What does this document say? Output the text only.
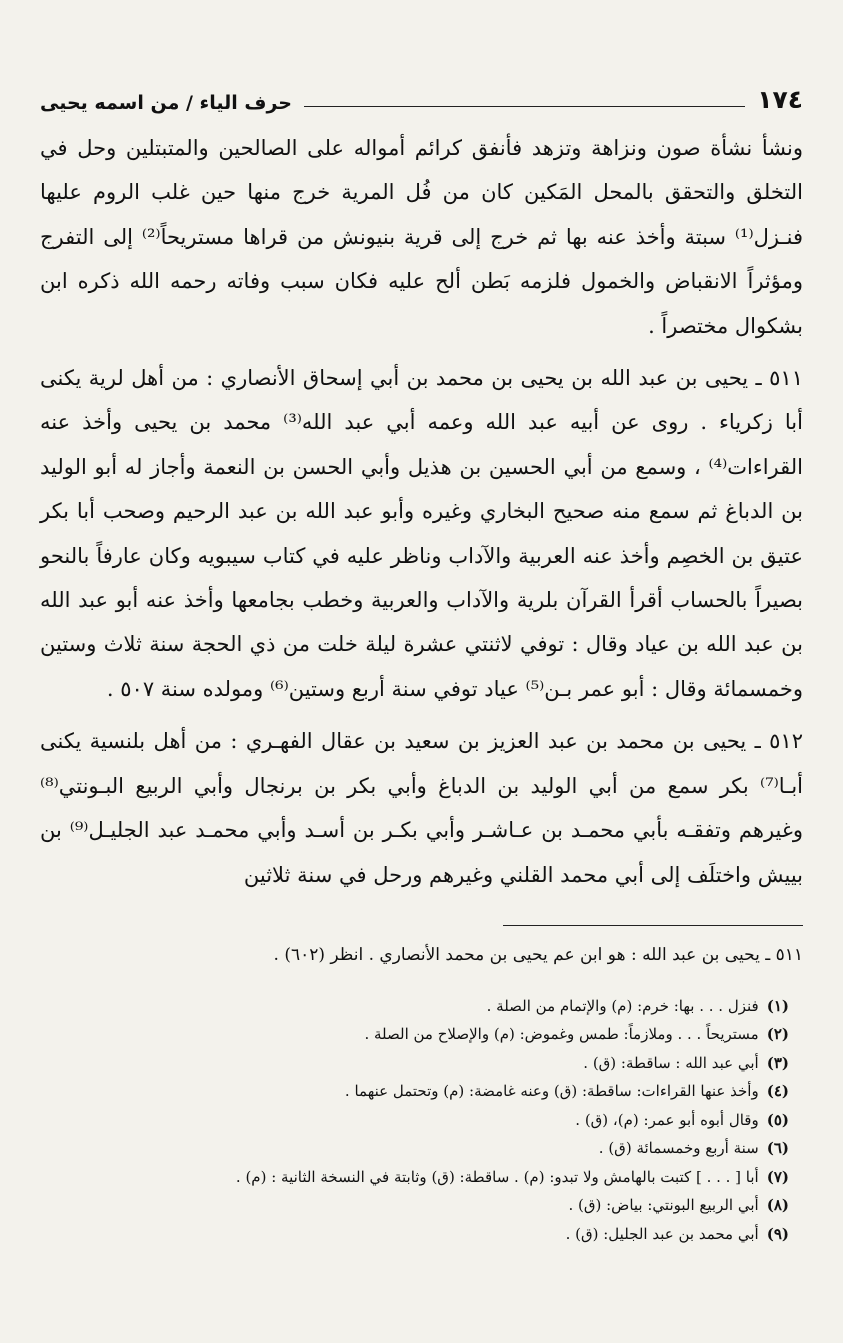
١٧٤
حرف الياء / من اسمه يحيى

ونشأ نشأة صون ونزاهة وتزهد فأنفق كرائم أمواله على الصالحين والمتبتلين وحل في التخلق والتحقق بالمحل المَكين كان من فُل المرية خرج منها حين غلب الروم عليها فنـزل⁽¹⁾ سبتة وأخذ عنه بها ثم خرج إلى قرية بنيونش من قراها مستريحاً⁽²⁾ إلى التفرج ومؤثراً الانقباض والخمول فلزمه بَطن ألح عليه فكان سبب وفاته رحمه الله ذكره ابن بشكوال مختصراً .

٥١١ ـ يحيى بن عبد الله بن يحيى بن محمد بن أبي إسحاق الأنصاري : من أهل لرية يكنى أبا زكرياء . روى عن أبيه عبد الله وعمه أبي عبد الله⁽³⁾ محمد بن يحيى وأخذ عنه القراءات⁽⁴⁾ ، وسمع من أبي الحسين بن هذيل وأبي الحسن بن النعمة وأجاز له أبو الوليد بن الدباغ ثم سمع منه صحيح البخاري وغيره وأبو عبد الله بن عبد الرحيم وصحب أبا بكر عتيق بن الخصِم وأخذ عنه العربية والآداب وناظر عليه في كتاب سيبويه وكان عارفاً بالنحو بصيراً بالحساب أقرأ القرآن بلرية والآداب والعربية وخطب بجامعها وأخذ عنه أبو عبد الله بن عبد الله بن عياد وقال : توفي لاثنتي عشرة ليلة خلت من ذي الحجة سنة ثلاث وستين وخمسمائة وقال : أبو عمر بـن⁽⁵⁾ عياد توفي سنة أربع وستين⁽⁶⁾ ومولده سنة ٥٠٧ .

٥١٢ ـ يحيى بن محمد بن عبد العزيز بن سعيد بن عقال الفهـري : من أهل بلنسية يكنى أبـا⁽⁷⁾ بكر سمع من أبي الوليد بن الدباغ وأبي بكر بن برنجال وأبي الربيع البـونتي⁽⁸⁾ وغيرهم وتفقـه بأبي محمـد بن عـاشـر وأبي بكـر بن أسـد وأبي محمـد عبد الجليـل⁽⁹⁾ بن بييش واختلَف إلى أبي محمد القلني وغيرهم ورحل في سنة ثلاثين

٥١١ ـ يحيى بن عبد الله : هو ابن عم يحيى بن محمد الأنصاري . انظر (٦٠٢) .

(١)
فنزل . . . بها: خرم: (م) والإتمام من الصلة .
(٢)
مستريحاً . . . وملازماً: طمس وغموض: (م) والإصلاح من الصلة .
(٣)
أبي عبد الله : ساقطة: (ق) .
(٤)
وأخذ عنها القراءات: ساقطة: (ق) وعنه غامضة: (م) وتحتمل عنهما .
(٥)
وقال أبوه أبو عمر: (م)، (ق) .
(٦)
سنة أربع وخمسمائة (ق) .
(٧)
أبا [ . . . ] كتبت بالهامش ولا تبدو: (م) . ساقطة: (ق) وثابتة في النسخة الثانية : (م) .
(٨)
أبي الربيع البونتي: بياض: (ق) .
(٩)
أبي محمد بن عبد الجليل: (ق) .
